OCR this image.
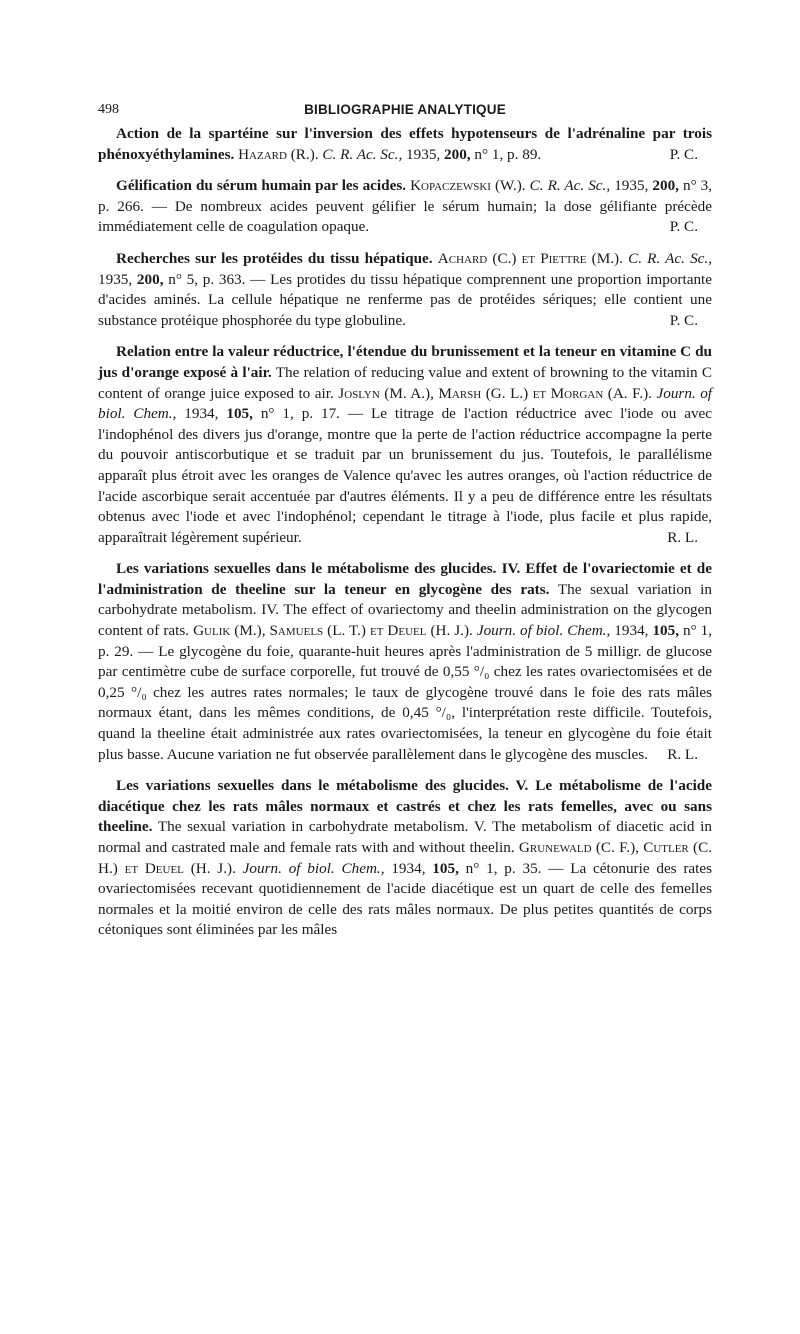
498	BIBLIOGRAPHIE ANALYTIQUE

Action de la spartéine sur l'inversion des effets hypotenseurs de l'adrénaline par trois phénoxyéthylamines. Hazard (R.). C. R. Ac. Sc., 1935, 200, n° 1, p. 89.	P. C.

Gélification du sérum humain par les acides. Kopaczewski (W.). C. R. Ac. Sc., 1935, 200, n° 3, p. 266. — De nombreux acides peuvent gélifier le sérum humain; la dose gélifiante précède immédiatement celle de coagulation opaque.	P. C.

Recherches sur les protéides du tissu hépatique. Achard (C.) et Piettre (M.). C. R. Ac. Sc., 1935, 200, n° 5, p. 363. — Les protides du tissu hépatique comprennent une proportion importante d'acides aminés. La cellule hépatique ne renferme pas de protéides sériques; elle contient une substance protéique phosphorée du type globuline.	P. C.

Relation entre la valeur réductrice, l'étendue du brunissement et la teneur en vitamine C du jus d'orange exposé à l'air. The relation of reducing value and extent of browning to the vitamin C content of orange juice exposed to air. Joslyn (M. A.), Marsh (G. L.) et Morgan (A. F.). Journ. of biol. Chem., 1934, 105, n° 1, p. 17. — Le titrage de l'action réductrice avec l'iode ou avec l'indophénol des divers jus d'orange, montre que la perte de l'action réductrice accompagne la perte du pouvoir antiscorbutique et se traduit par un brunissement du jus. Toutefois, le parallélisme apparaît plus étroit avec les oranges de Valence qu'avec les autres oranges, où l'action réductrice de l'acide ascorbique serait accentuée par d'autres éléments. Il y a peu de différence entre les résultats obtenus avec l'iode et avec l'indophénol; cependant le titrage à l'iode, plus facile et plus rapide, apparaîtrait légèrement supérieur.	R. L.

Les variations sexuelles dans le métabolisme des glucides. IV. Effet de l'ovariectomie et de l'administration de theeline sur la teneur en glycogène des rats. The sexual variation in carbohydrate metabolism. IV. The effect of ovariectomy and theelin administration on the glycogen content of rats. Gulik (M.), Samuels (L. T.) et Deuel (H. J.). Journ. of biol. Chem., 1934, 105, n° 1, p. 29. — Le glycogène du foie, quarante-huit heures après l'administration de 5 milligr. de glucose par centimètre cube de surface corporelle, fut trouvé de 0,55 °/₀ chez les rates ovariectomisées et de 0,25 °/₀ chez les autres rates normales; le taux de glycogène trouvé dans le foie des rats mâles normaux étant, dans les mêmes conditions, de 0,45 °/₀, l'interprétation reste difficile. Toutefois, quand la theeline était administrée aux rates ovariectomisées, la teneur en glycogène du foie était plus basse. Aucune variation ne fut observée parallèlement dans le glycogène des muscles.	R. L.

Les variations sexuelles dans le métabolisme des glucides. V. Le métabolisme de l'acide diacétique chez les rats mâles normaux et castrés et chez les rats femelles, avec ou sans theeline. The sexual variation in carbohydrate metabolism. V. The metabolism of diacetic acid in normal and castrated male and female rats with and without theelin. Grunewald (C. F.), Cutler (C. H.) et Deuel (H. J.). Journ. of biol. Chem., 1934, 105, n° 1, p. 35. — La cétonurie des rates ovariectomisées recevant quotidiennement de l'acide diacétique est un quart de celle des femelles normales et la moitié environ de celle des rats mâles normaux. De plus petites quantités de corps cétoniques sont éliminées par les mâles
